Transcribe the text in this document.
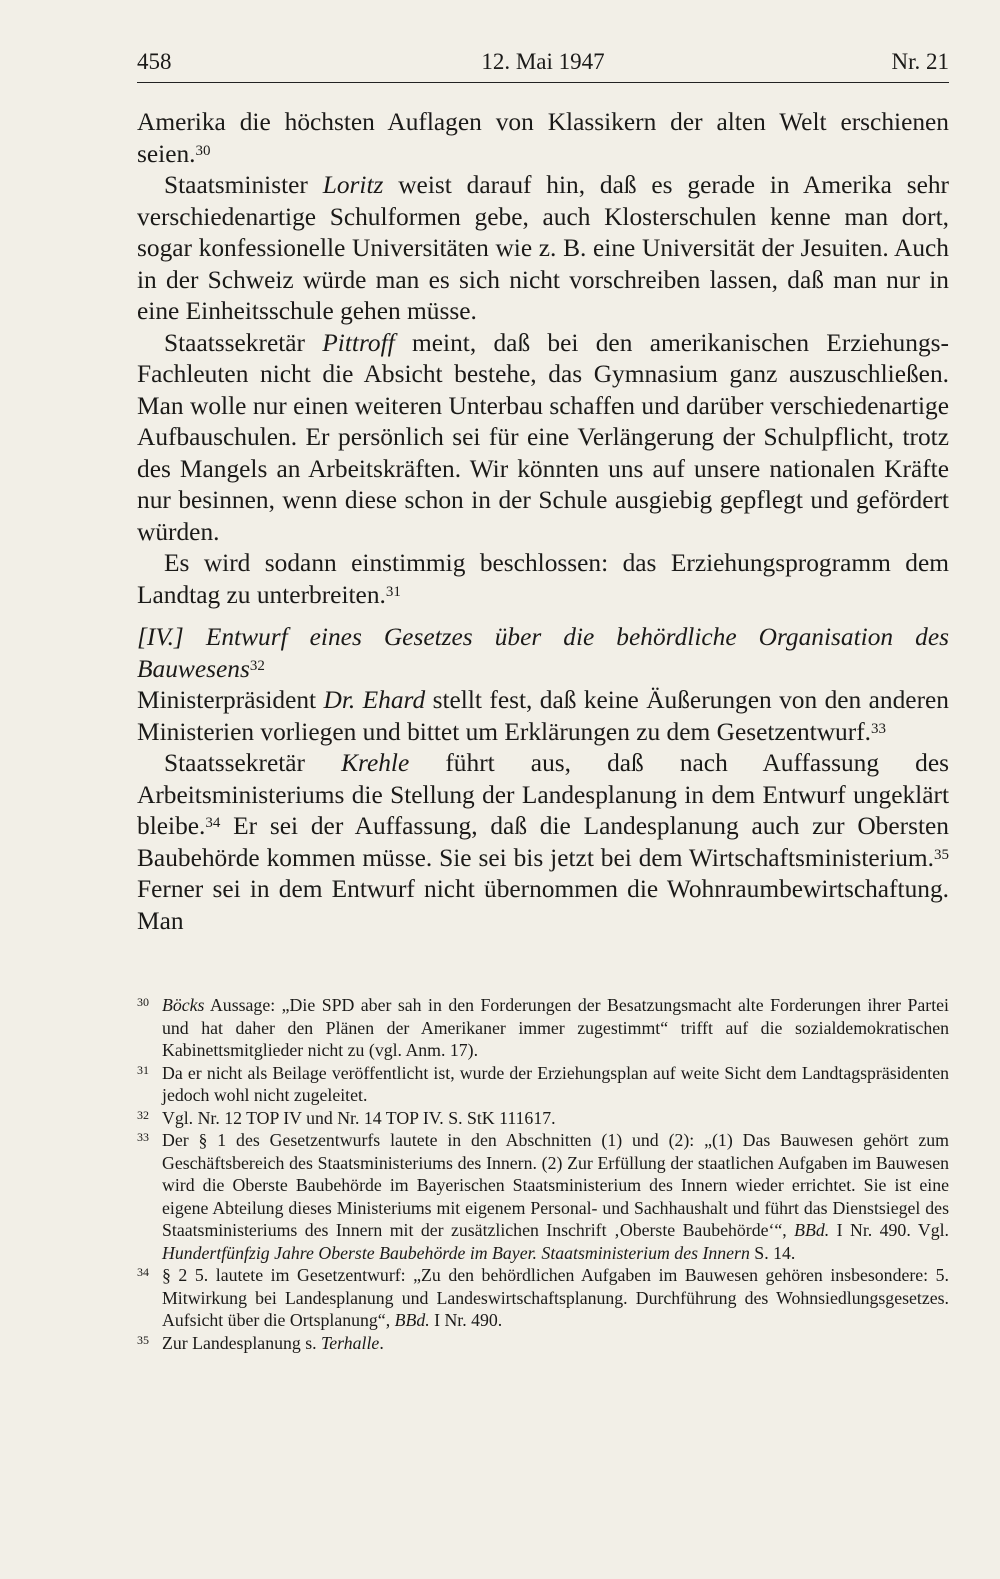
458	12. Mai 1947	Nr. 21

Amerika die höchsten Auflagen von Klassikern der alten Welt erschienen seien.$^{30}$

Staatsminister Loritz weist darauf hin, daß es gerade in Amerika sehr verschiedenartige Schulformen gebe, auch Klosterschulen kenne man dort, sogar konfessionelle Universitäten wie z. B. eine Universität der Jesuiten. Auch in der Schweiz würde man es sich nicht vorschreiben lassen, daß man nur in eine Einheitsschule gehen müsse.

Staatssekretär Pittroff meint, daß bei den amerikanischen Erziehungs-Fachleuten nicht die Absicht bestehe, das Gymnasium ganz auszuschließen. Man wolle nur einen weiteren Unterbau schaffen und darüber verschiedenartige Aufbauschulen. Er persönlich sei für eine Verlängerung der Schulpflicht, trotz des Mangels an Arbeitskräften. Wir könnten uns auf unsere nationalen Kräfte nur besinnen, wenn diese schon in der Schule ausgiebig gepflegt und gefördert würden.

Es wird sodann einstimmig beschlossen: das Erziehungsprogramm dem Landtag zu unterbreiten.$^{31}$

[IV.] Entwurf eines Gesetzes über die behördliche Organisation des Bauwesens$^{32}$

Ministerpräsident Dr. Ehard stellt fest, daß keine Äußerungen von den anderen Ministerien vorliegen und bittet um Erklärungen zu dem Gesetzentwurf.$^{33}$

Staatssekretär Krehle führt aus, daß nach Auffassung des Arbeitsministeriums die Stellung der Landesplanung in dem Entwurf ungeklärt bleibe.$^{34}$ Er sei der Auffassung, daß die Landesplanung auch zur Obersten Baubehörde kommen müsse. Sie sei bis jetzt bei dem Wirtschaftsministerium.$^{35}$ Ferner sei in dem Entwurf nicht übernommen die Wohnraumbewirtschaftung. Man

30 Böcks Aussage: „Die SPD aber sah in den Forderungen der Besatzungsmacht alte Forderungen ihrer Partei und hat daher den Plänen der Amerikaner immer zugestimmt“ trifft auf die sozialdemokratischen Kabinettsmitglieder nicht zu (vgl. Anm. 17).

31 Da er nicht als Beilage veröffentlicht ist, wurde der Erziehungsplan auf weite Sicht dem Landtagspräsidenten jedoch wohl nicht zugeleitet.

32 Vgl. Nr. 12 TOP IV und Nr. 14 TOP IV. S. StK 111617.

33 Der § 1 des Gesetzentwurfs lautete in den Abschnitten (1) und (2): „(1) Das Bauwesen gehört zum Geschäftsbereich des Staatsministeriums des Innern. (2) Zur Erfüllung der staatlichen Aufgaben im Bauwesen wird die Oberste Baubehörde im Bayerischen Staatsministerium des Innern wieder errichtet. Sie ist eine eigene Abteilung dieses Ministeriums mit eigenem Personal- und Sachhaushalt und führt das Dienstsiegel des Staatsministeriums des Innern mit der zusätzlichen Inschrift ‚Oberste Baubehörde‘“, BBd. I Nr. 490. Vgl. Hundertfünfzig Jahre Oberste Baubehörde im Bayer. Staatsministerium des Innern S. 14.

34 § 2 5. lautete im Gesetzentwurf: „Zu den behördlichen Aufgaben im Bauwesen gehören insbesondere: 5. Mitwirkung bei Landesplanung und Landeswirtschaftsplanung. Durchführung des Wohnsiedlungsgesetzes. Aufsicht über die Ortsplanung“, BBd. I Nr. 490.

35 Zur Landesplanung s. Terhalle.
